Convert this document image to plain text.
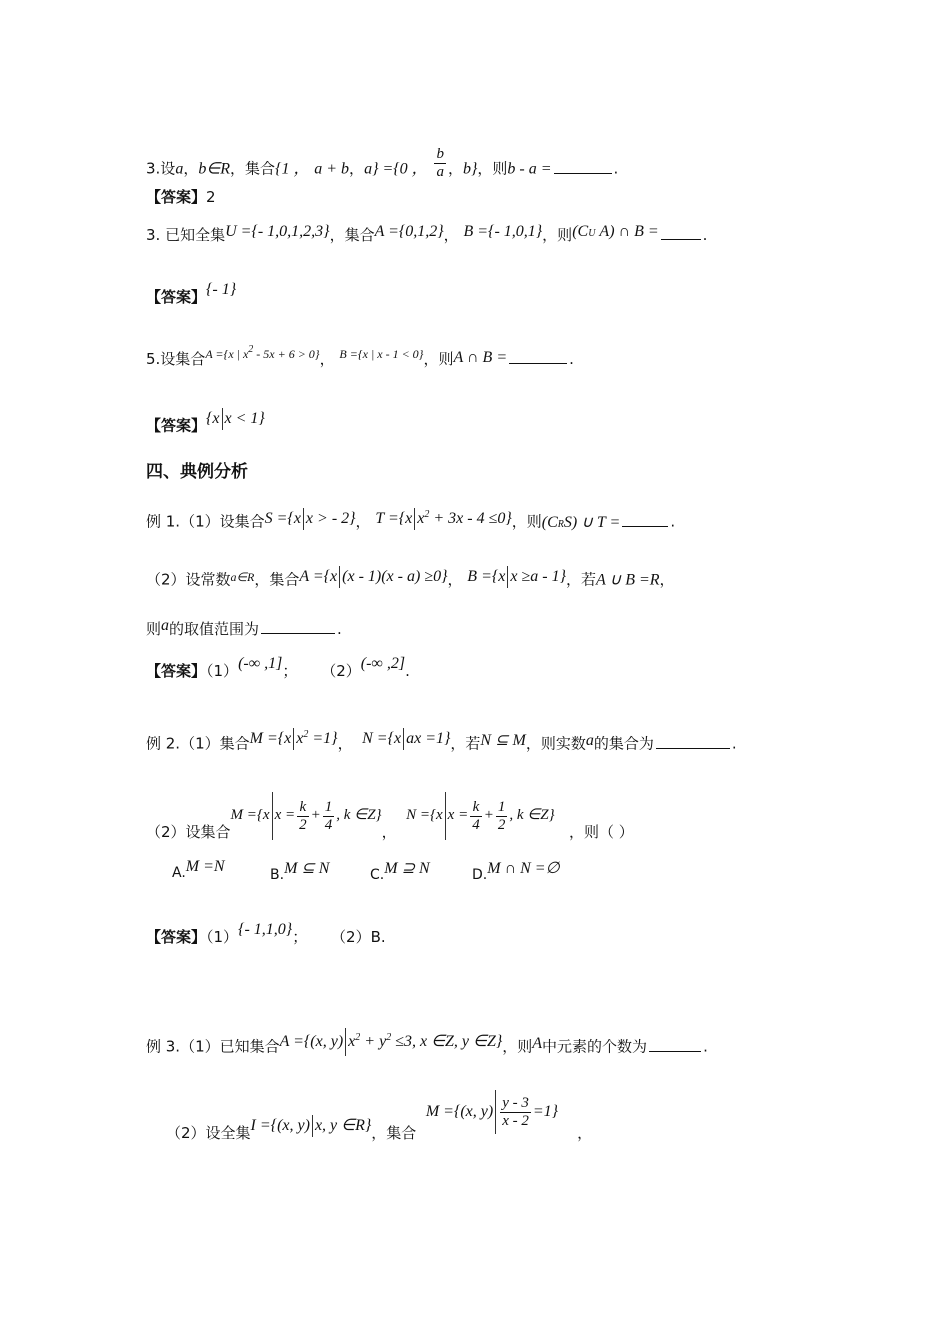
3.设a，b∈R，集合{1 ， a + b，a} ={0 ， $\frac{b}{a}$ ，b}，则b - a =	.
【答案】2
3. 已知全集U ={- 1,0,1,2,3}，集合A ={0,1,2}， B ={- 1,0,1}，则(CU A) ∩ B =	.
【答案】{- 1}
5.设集合$^{A =\{x | x^2 - 5x + 6 > 0\}}$， $^{B =\{x | x - 1 < 0\}}$，则A ∩ B =	.
【答案】{x x < 1}
四、典例分析
例 1.（1）设集合S ={x x > - 2}， T ={x $x^2 + 3x - 4 \le 0$}，则(CRS) ∪ T =	.
（2）设常数$^{a\in R}$，集合A ={x (x - 1)(x - a) ≥0}， B ={x x ≥a - 1}，若A ∪ B =R，
则a的取值范围为	.
【答案】（1）(-∞ ,1]； （2）(-∞ ,2].
例 2.（1）集合M ={x $x^2 =1$}， N ={x ax =1}，若N ⊆ M，则实数a的集合为	.
（2）设集合M ={x $x = \frac{k}{2} + \frac{1}{4}$ , k ∈Z}，  N ={x $x = \frac{k}{4} + \frac{1}{2}$ , k ∈Z}   ，则（ ）
A.M =N	B.M ⊆ N	C.M ⊇ N	D.M ∩ N =∅
【答案】（1）{- 1,1,0}； （2）B.
例 3.（1）已知集合A ={(x, y) $x^2 + y^2 \le 3$, x ∈Z, y ∈Z}，则A中元素的个数为	.
（2）设全集I ={(x, y) x, y ∈R}，集合  M ={(x, $y) \frac{y - 3}{x - 2} =1$}    ，
